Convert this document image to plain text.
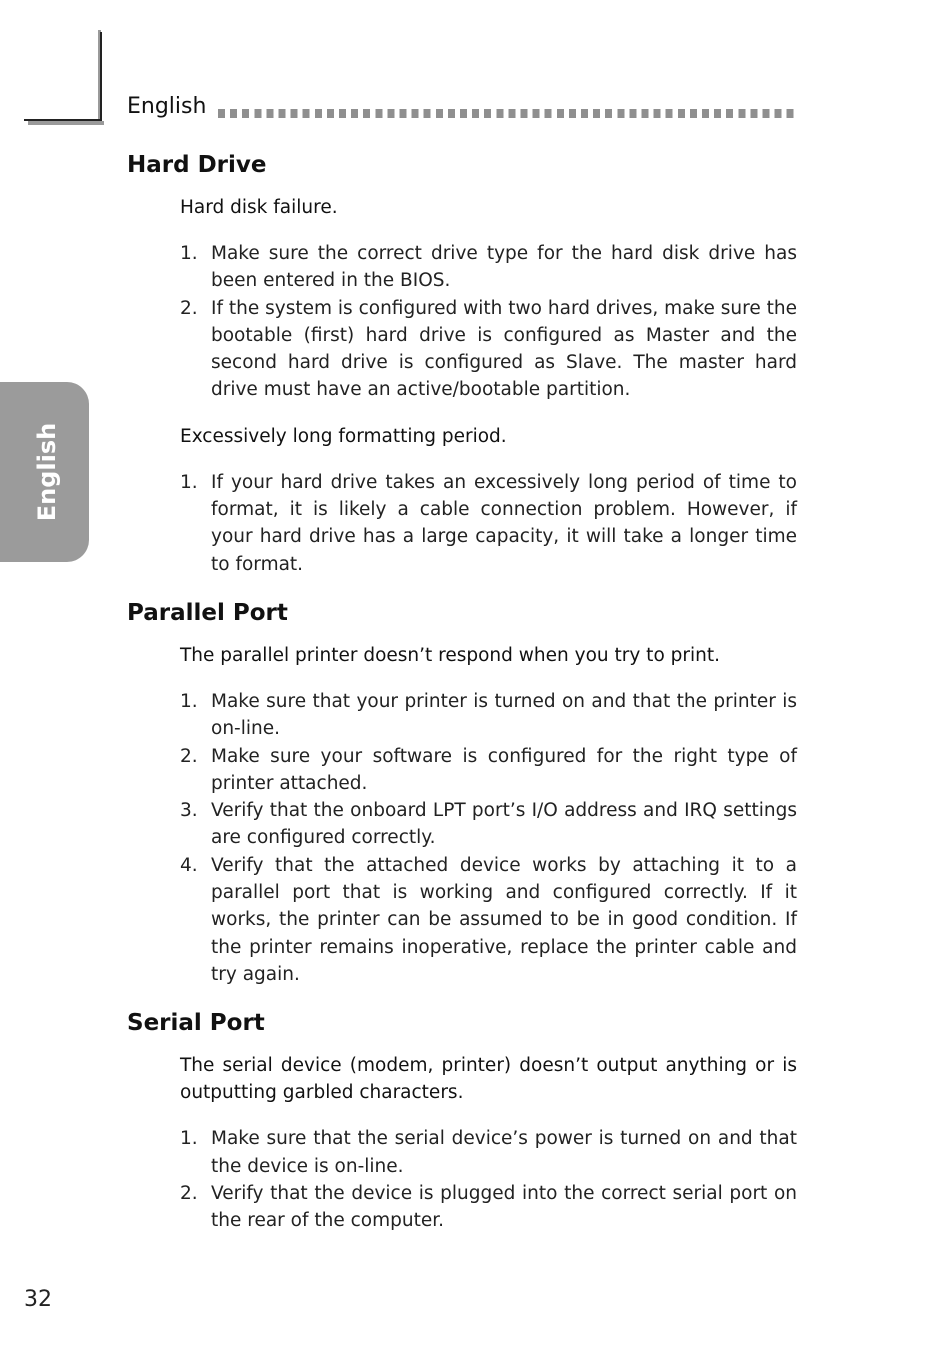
English
English
Hard Drive

Hard disk failure.

1. Make sure the correct drive type for the hard disk drive has been entered in the BIOS.
2. If the system is configured with two hard drives, make sure the bootable (first) hard drive is configured as Master and the second hard drive is configured as Slave. The master hard drive must have an active/bootable partition.

Excessively long formatting period.

1. If your hard drive takes an excessively long period of time to format, it is likely a cable connection problem. However, if your hard drive has a large capacity, it will take a longer time to format.
Parallel Port

The parallel printer doesn’t respond when you try to print.

1. Make sure that your printer is turned on and that the printer is on-line.
2. Make sure your software is configured for the right type of printer attached.
3. Verify that the onboard LPT port’s I/O address and IRQ settings are configured correctly.
4. Verify that the attached device works by attaching it to a parallel port that is working and configured correctly. If it works, the printer can be assumed to be in good condition. If the printer remains inoperative, replace the printer cable and try again.
Serial Port

The serial device (modem, printer) doesn’t output anything or is outputting garbled characters.

1. Make sure that the serial device’s power is turned on and that the device is on-line.
2. Verify that the device is plugged into the correct serial port on the rear of the computer.
32
